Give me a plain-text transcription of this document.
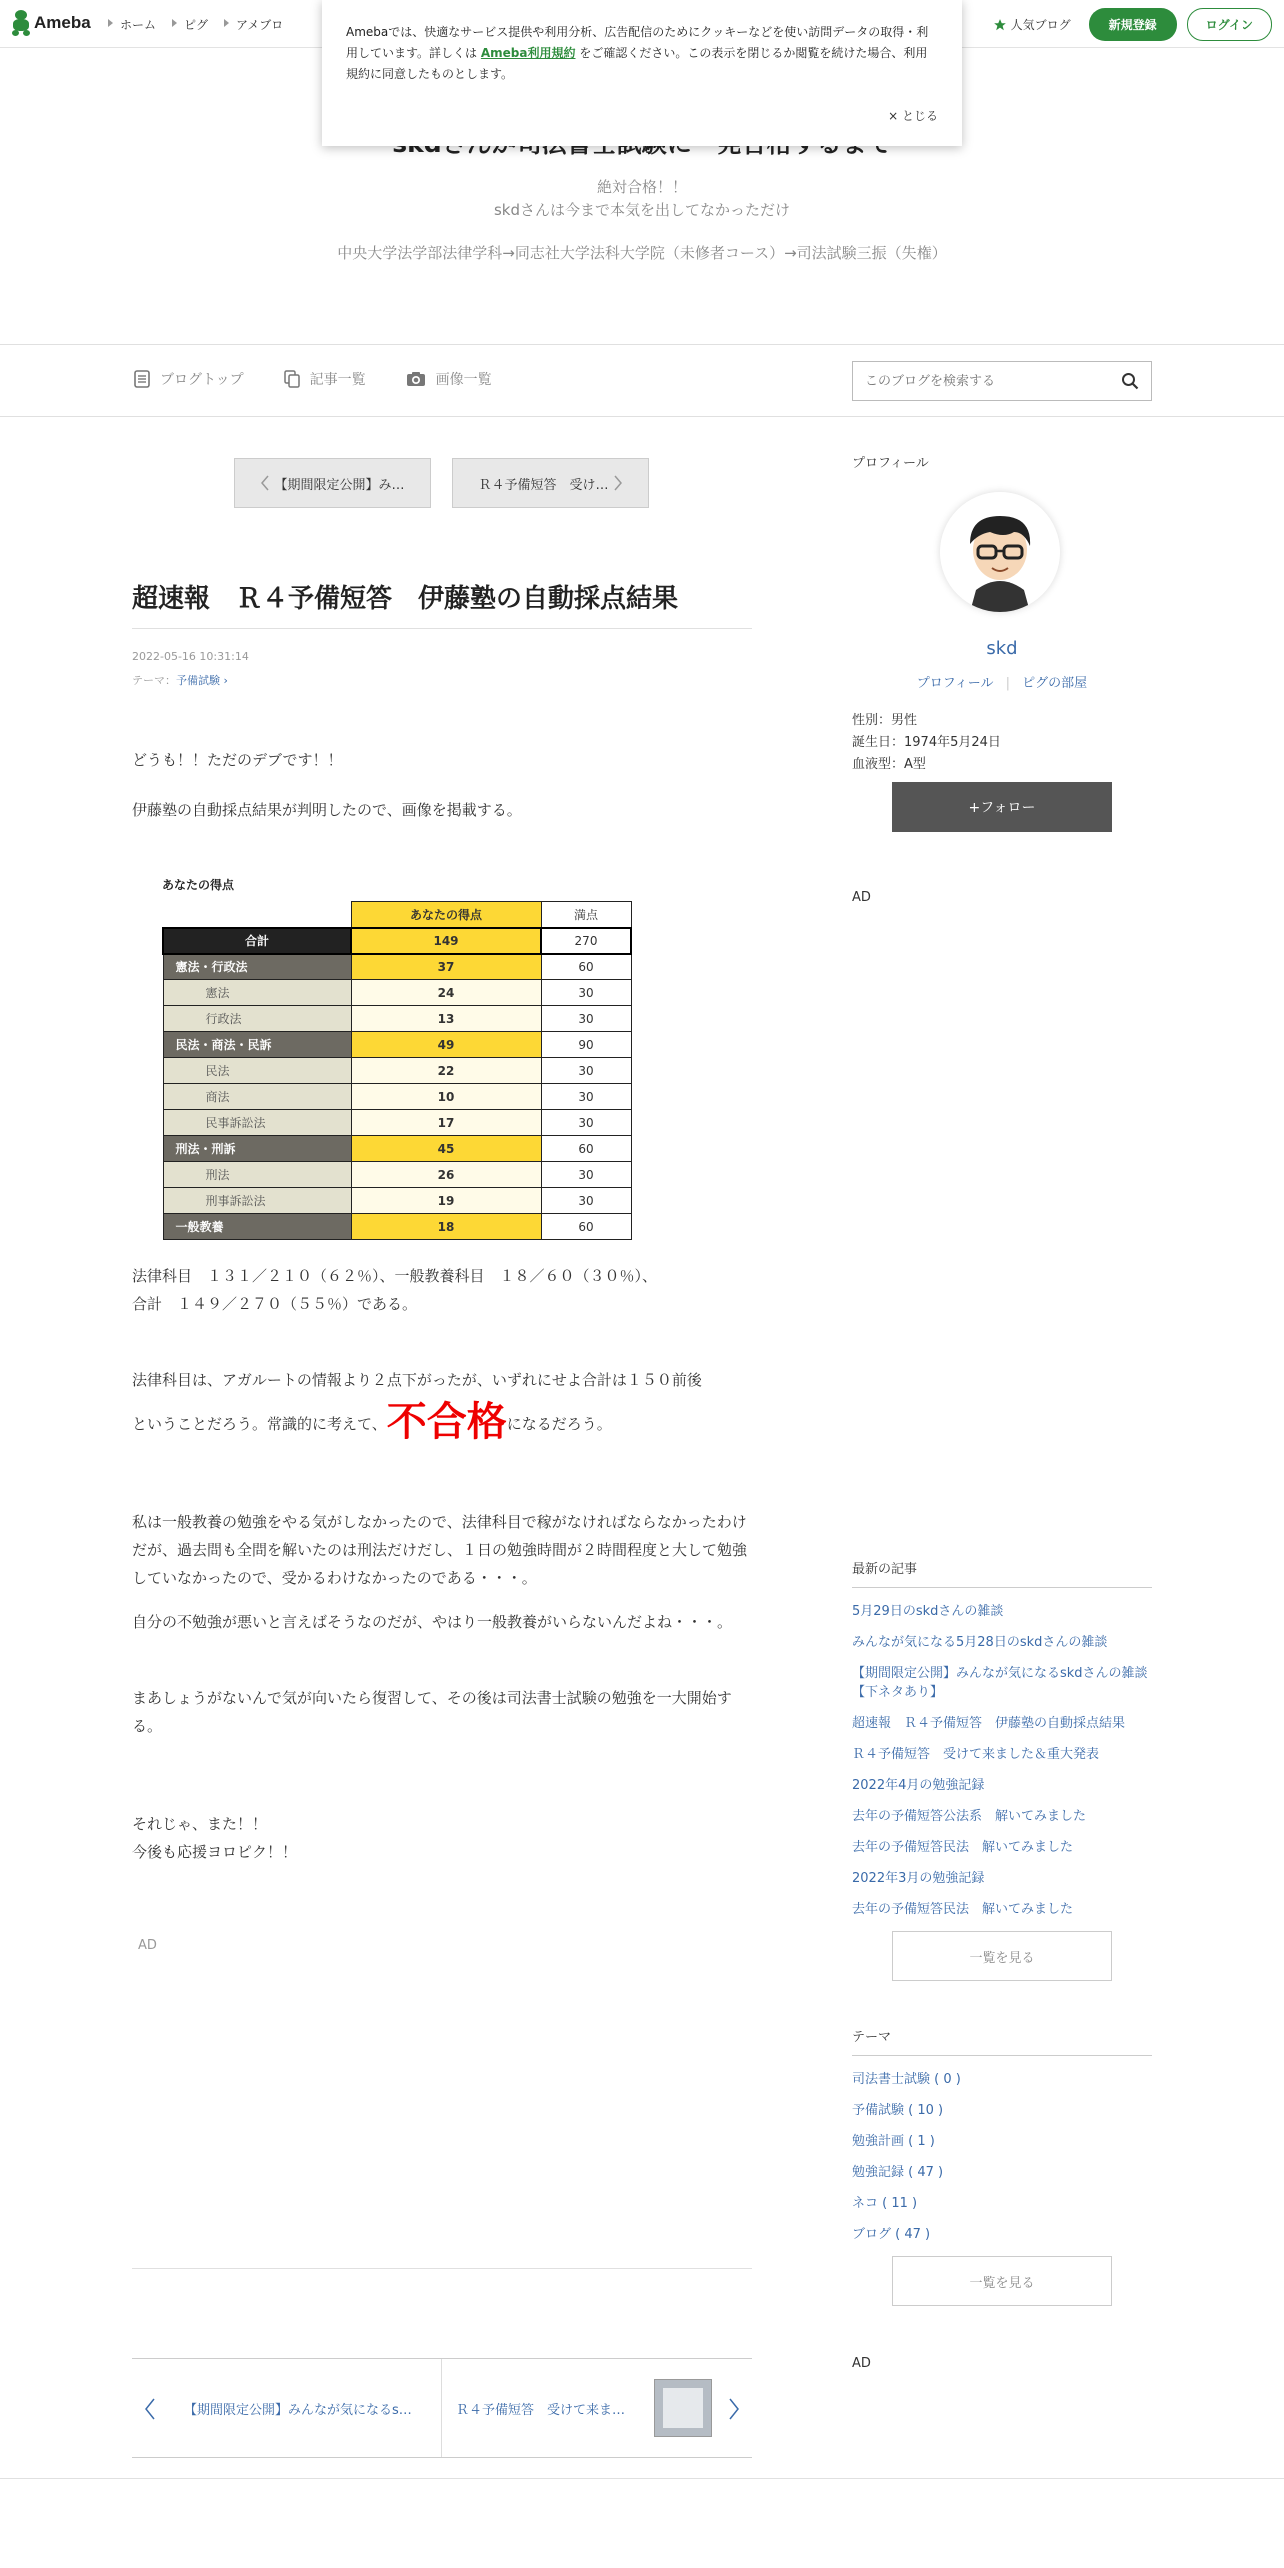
Ameba	ホーム	ピグ	アメブロ	人気ブログ	新規登録	ログイン

Amebaでは、快適なサービス提供や利用分析、広告配信のためにクッキーなどを使い訪問データの取得・利用しています。詳しくは Ameba利用規約 をご確認ください。この表示を閉じるか閲覧を続けた場合、利用規約に同意したものとします。

× とじる
絶対合格！！
skdさんは今まで本気を出してなかっただけ
中央大学法学部法律学科→同志社大学法科大学院（未修者コース）→司法試験三振（失権）
ブログトップ	記事一覧	画像一覧
このブログを検索する
【期間限定公開】み…	Ｒ４予備短答　受け…
超速報　Ｒ４予備短答　伊藤塾の自動採点結果
2022-05-16 10:31:14
テーマ：予備試験 ›
どうも！！ただのデブです！！
伊藤塾の自動採点結果が判明したので、画像を掲載する。
あなたの得点
	あなたの得点	満点
合計	149	270
憲法・行政法	37	60
憲法	24	30
行政法	13	30
民法・商法・民訴	49	90
民法	22	30
商法	10	30
民事訴訟法	17	30
刑法・刑訴	45	60
刑法	26	30
刑事訴訟法	19	30
一般教養	18	60
法律科目　１３１／２１０（６２％）、一般教養科目　１８／６０（３０％）、
合計　１４９／２７０（５５％）である。
法律科目は、アガルートの情報より２点下がったが、いずれにせよ合計は１５０前後
ということだろう。常識的に考えて、不合格になるだろう。
私は一般教養の勉強をやる気がしなかったので、法律科目で稼がなければならなかったわけだが、過去問も全問を解いたのは刑法だけだし、１日の勉強時間が２時間程度と大して勉強していなかったので、受かるわけなかったのである・・・。
自分の不勉強が悪いと言えばそうなのだが、やはり一般教養がいらないんだよね・・・。
まあしょうがないんで気が向いたら復習して、その後は司法書士試験の勉強を一大開始する。
それじゃ、また！！
今後も応援ヨロピク！！
AD
【期間限定公開】みんなが気になるs…	Ｒ４予備短答　受けて来ま…
プロフィール
skd
プロフィール | ピグの部屋
性別：男性
誕生日：1974年5月24日
血液型：A型
+フォロー
AD
最新の記事
5月29日のskdさんの雑談
みんなが気になる5月28日のskdさんの雑談
【期間限定公開】みんなが気になるskdさんの雑談【下ネタあり】
超速報　Ｒ４予備短答　伊藤塾の自動採点結果
Ｒ４予備短答　受けて来ました＆重大発表
2022年4月の勉強記録
去年の予備短答公法系　解いてみました
去年の予備短答民法　解いてみました
2022年3月の勉強記録
去年の予備短答民法　解いてみました
一覧を見る
テーマ
司法書士試験 ( 0 )
予備試験 ( 10 )
勉強計画 ( 1 )
勉強記録 ( 47 )
ネコ ( 11 )
ブログ ( 47 )
一覧を見る
AD
